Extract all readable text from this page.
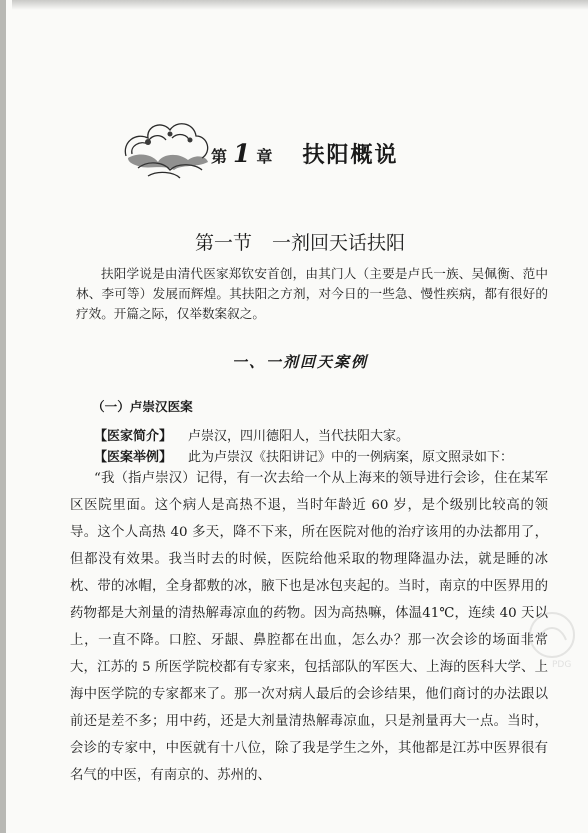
第 1 章 扶阳概说
第一节 一剂回天话扶阳

扶阳学说是由清代医家郑钦安首创，由其门人（主要是卢氏一族、吴佩衡、范中林、李可等）发展而辉煌。其扶阳之方剂，对今日的一些急、慢性疾病，都有很好的疗效。开篇之际，仅举数案叙之。

一、一剂回天案例
（一）卢崇汉医案
【医家简介】 卢崇汉，四川德阳人，当代扶阳大家。
【医案举例】 此为卢崇汉《扶阳讲记》中的一例病案，原文照录如下：

“我（指卢崇汉）记得，有一次去给一个从上海来的领导进行会诊，住在某军区医院里面。这个病人是高热不退，当时年龄近 60 岁，是个级别比较高的领导。这个人高热 40 多天，降不下来，所在医院对他的治疗该用的办法都用了，但都没有效果。我当时去的时候，医院给他采取的物理降温办法，就是睡的冰枕、带的冰帽，全身都敷的冰，腋下也是冰包夹起的。当时，南京的中医界用的药物都是大剂量的清热解毒凉血的药物。因为高热嘛，体温41℃，连续 40 天以上，一直不降。口腔、牙龈、鼻腔都在出血，怎么办？那一次会诊的场面非常大，江苏的 5 所医学院校都有专家来，包括部队的军医大、上海的医科大学、上海中医学院的专家都来了。那一次对病人最后的会诊结果，他们商讨的办法跟以前还是差不多；用中药，还是大剂量清热解毒凉血，只是剂量再大一点。当时，会诊的专家中，中医就有十八位，除了我是学生之外，其他都是江苏中医界很有名气的中医，有南京的、苏州的、

PDG
